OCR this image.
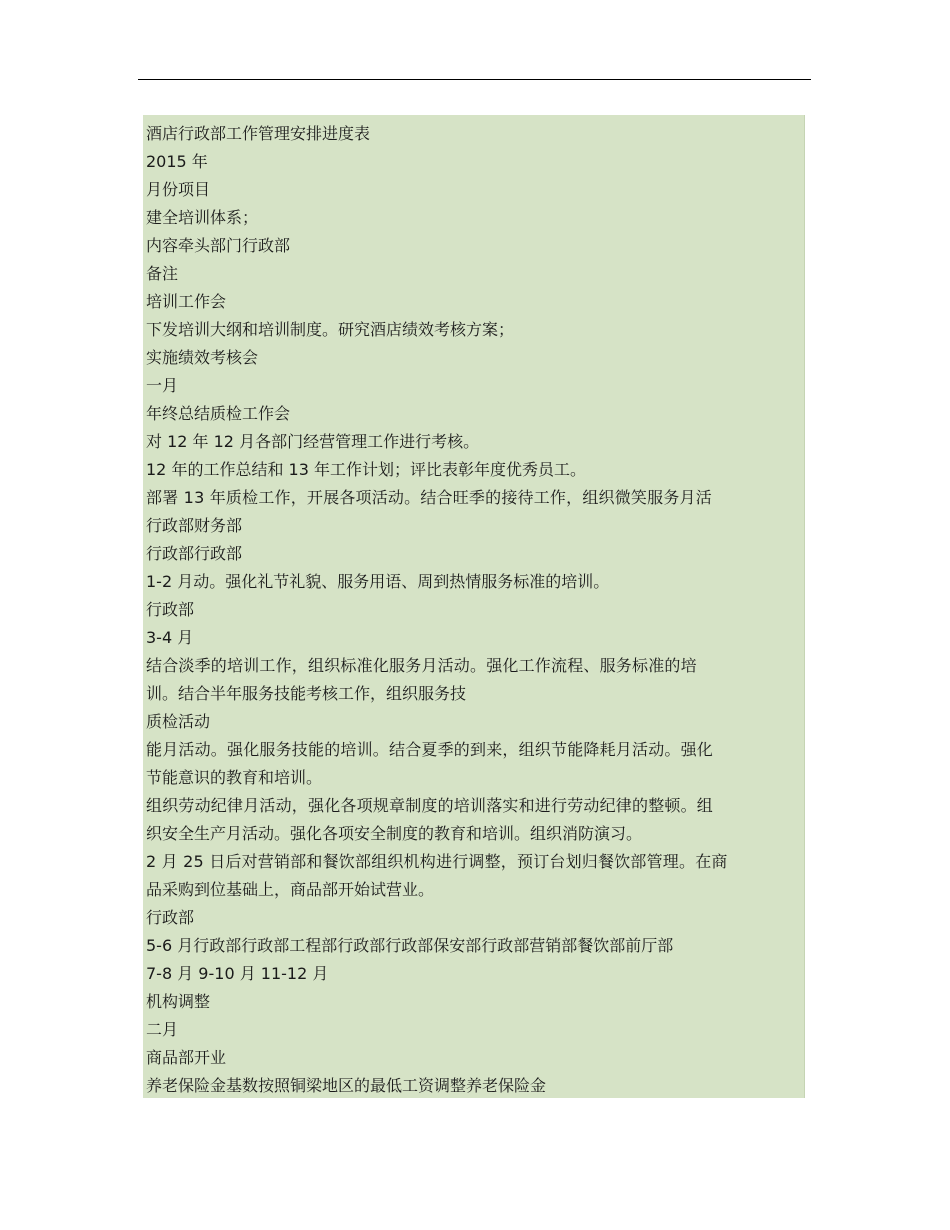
酒店行政部工作管理安排进度表
2015 年
月份项目
建全培训体系；
内容牵头部门行政部
备注
培训工作会
下发培训大纲和培训制度。研究酒店绩效考核方案；
实施绩效考核会
一月
年终总结质检工作会
对 12 年 12 月各部门经营管理工作进行考核。
12 年的工作总结和 13 年工作计划；评比表彰年度优秀员工。
部署 13 年质检工作，开展各项活动。结合旺季的接待工作，组织微笑服务月活
行政部财务部
行政部行政部
1-2 月动。强化礼节礼貌、服务用语、周到热情服务标准的培训。
行政部
3-4 月
结合淡季的培训工作，组织标准化服务月活动。强化工作流程、服务标准的培
训。结合半年服务技能考核工作，组织服务技
质检活动
能月活动。强化服务技能的培训。结合夏季的到来，组织节能降耗月活动。强化
节能意识的教育和培训。
组织劳动纪律月活动，强化各项规章制度的培训落实和进行劳动纪律的整顿。组
织安全生产月活动。强化各项安全制度的教育和培训。组织消防演习。
2 月 25 日后对营销部和餐饮部组织机构进行调整，预订台划归餐饮部管理。在商
品采购到位基础上，商品部开始试营业。
行政部
5-6 月行政部行政部工程部行政部行政部保安部行政部营销部餐饮部前厅部
7-8 月 9-10 月 11-12 月
机构调整
二月
商品部开业
养老保险金基数按照铜梁地区的最低工资调整养老保险金
